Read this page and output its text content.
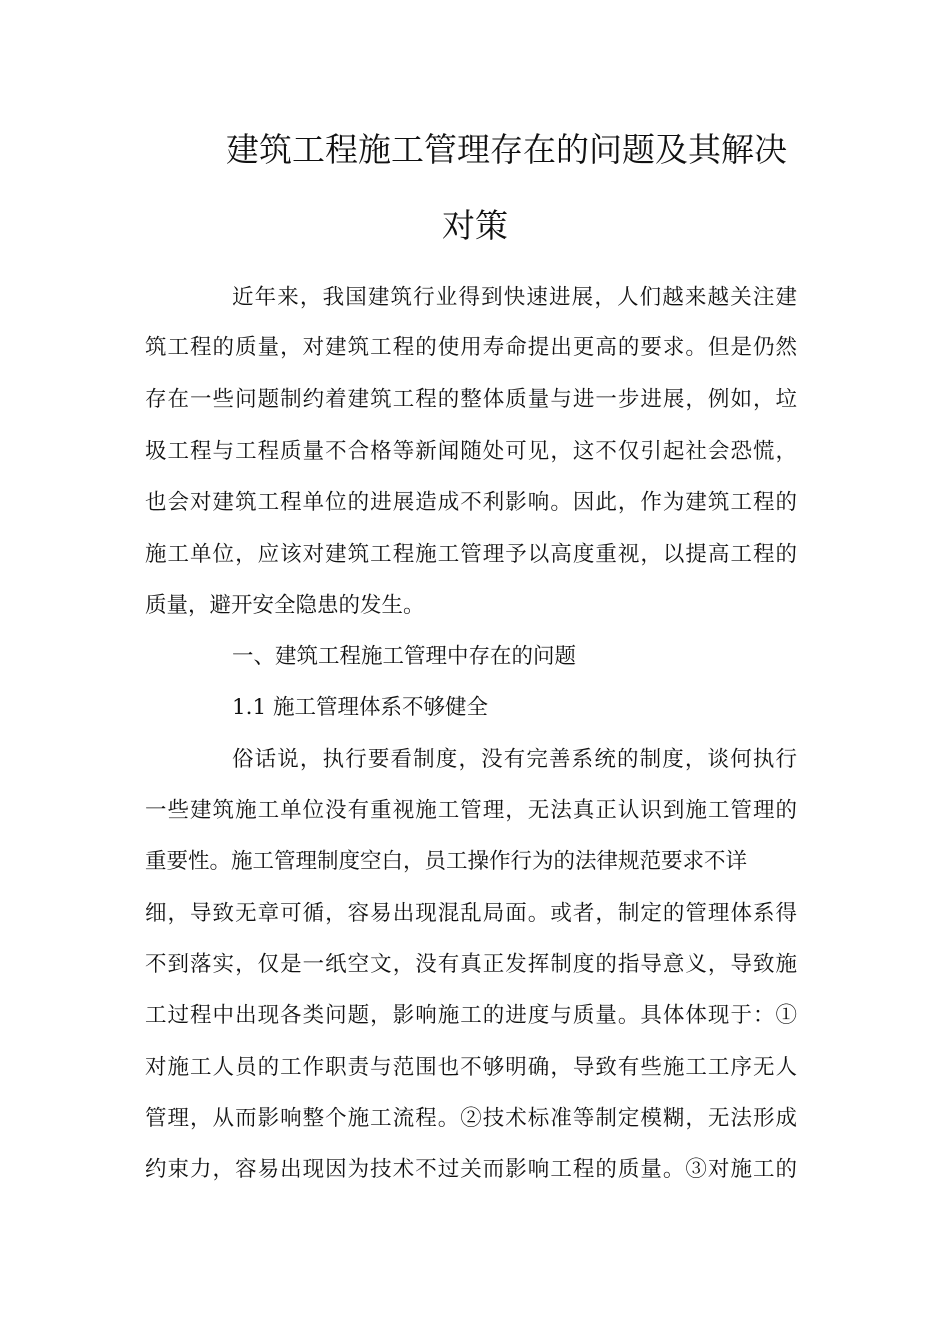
建筑工程施工管理存在的问题及其解决
对策
近年来，我国建筑行业得到快速进展，人们越来越关注建
筑工程的质量，对建筑工程的使用寿命提出更高的要求。但是仍然
存在一些问题制约着建筑工程的整体质量与进一步进展，例如，垃
圾工程与工程质量不合格等新闻随处可见，这不仅引起社会恐慌，
也会对建筑工程单位的进展造成不利影响。因此，作为建筑工程的
施工单位，应该对建筑工程施工管理予以高度重视，以提高工程的
质量，避开安全隐患的发生。
一、建筑工程施工管理中存在的问题
1.1 施工管理体系不够健全
俗话说，执行要看制度，没有完善系统的制度，谈何执行
一些建筑施工单位没有重视施工管理，无法真正认识到施工管理的
重要性。施工管理制度空白，员工操作行为的法律规范要求不详
细，导致无章可循，容易出现混乱局面。或者，制定的管理体系得
不到落实，仅是一纸空文，没有真正发挥制度的指导意义，导致施
工过程中出现各类问题，影响施工的进度与质量。具体体现于：①
对施工人员的工作职责与范围也不够明确，导致有些施工工序无人
管理，从而影响整个施工流程。②技术标准等制定模糊，无法形成
约束力，容易出现因为技术不过关而影响工程的质量。③对施工的
